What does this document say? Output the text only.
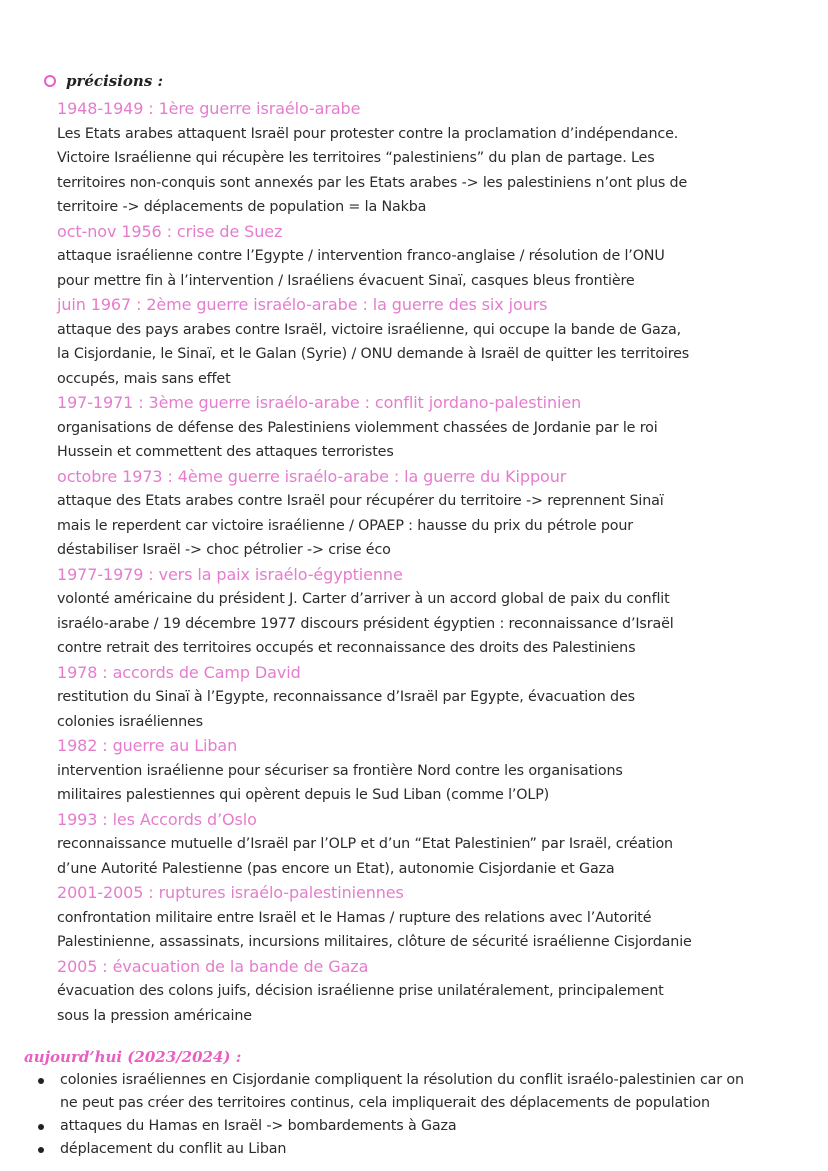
précisions :
1948-1949 : 1ère guerre israélo-arabe
Les Etats arabes attaquent Israël pour protester contre la proclamation d’indépendance.
Victoire Israélienne qui récupère les territoires “palestiniens” du plan de partage. Les
territoires non-conquis sont annexés par les Etats arabes -> les palestiniens n’ont plus de
territoire -> déplacements de population = la Nakba
oct-nov 1956 : crise de Suez
attaque israélienne contre l’Egypte / intervention franco-anglaise / résolution de l’ONU
pour mettre fin à l’intervention / Israéliens évacuent Sinaï, casques bleus frontière
juin 1967 : 2ème guerre israélo-arabe : la guerre des six jours
attaque des pays arabes contre Israël, victoire israélienne, qui occupe la bande de Gaza,
la Cisjordanie, le Sinaï, et le Galan (Syrie) / ONU demande à Israël de quitter les territoires
occupés, mais sans effet
197-1971 : 3ème guerre israélo-arabe : conflit jordano-palestinien
organisations de défense des Palestiniens violemment chassées de Jordanie par le roi
Hussein et commettent des attaques terroristes
octobre 1973 : 4ème guerre israélo-arabe : la guerre du Kippour
attaque des Etats arabes contre Israël pour récupérer du territoire -> reprennent Sinaï
mais le reperdent car victoire israélienne / OPAEP : hausse du prix du pétrole pour
déstabiliser Israël -> choc pétrolier -> crise éco
1977-1979 : vers la paix israélo-égyptienne
volonté américaine du président J. Carter d’arriver à un accord global de paix du conflit
israélo-arabe / 19 décembre 1977 discours président égyptien : reconnaissance d’Israël
contre retrait des territoires occupés et reconnaissance des droits des Palestiniens
1978 : accords de Camp David
restitution du Sinaï à l’Egypte, reconnaissance d’Israël par Egypte, évacuation des
colonies israéliennes
1982 : guerre au Liban
intervention israélienne pour sécuriser sa frontière Nord contre les organisations
militaires palestiennes qui opèrent depuis le Sud Liban (comme l’OLP)
1993 : les Accords d’Oslo
reconnaissance mutuelle d’Israël par l’OLP et d’un “Etat Palestinien” par Israël, création
d’une Autorité Palestienne (pas encore un Etat), autonomie Cisjordanie et Gaza
2001-2005 : ruptures israélo-palestiniennes
confrontation militaire entre Israël et le Hamas / rupture des relations avec l’Autorité
Palestinienne, assassinats, incursions militaires, clôture de sécurité israélienne Cisjordanie
2005 : évacuation de la bande de Gaza
évacuation des colons juifs, décision israélienne prise unilatéralement, principalement
sous la pression américaine
aujourd’hui (2023/2024) :
colonies israéliennes en Cisjordanie compliquent la résolution du conflit israélo-palestinien car on
ne peut pas créer des territoires continus, cela impliquerait des déplacements de population
attaques du Hamas en Israël -> bombardements à Gaza
déplacement du conflit au Liban
